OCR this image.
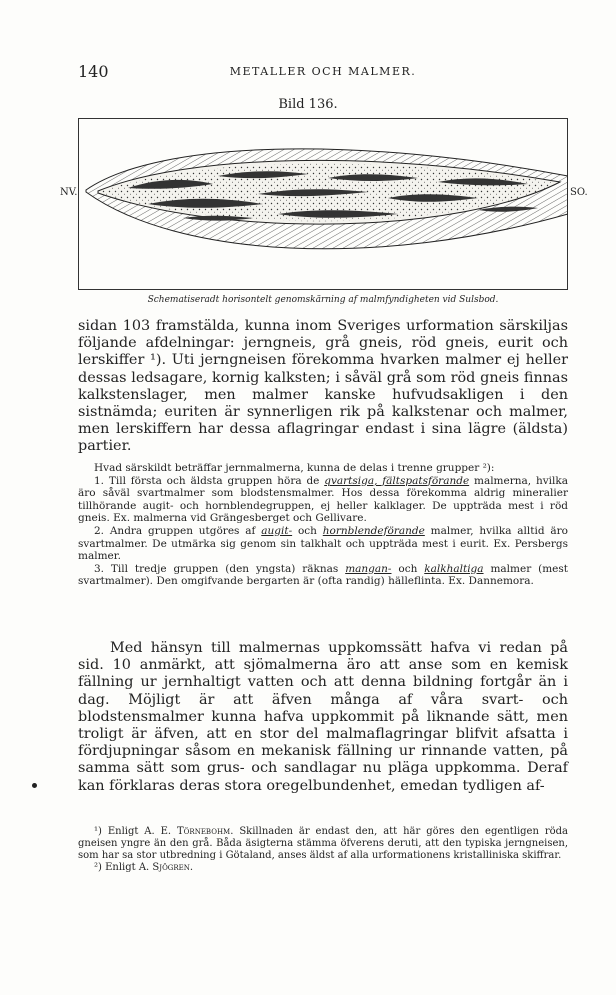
140	METALLER OCH MALMER.
Bild 136.
NV.	SO.
Schematiseradt horisontelt genomskärning af malmfyndigheten vid Sulsbod.

sidan 103 framstälda, kunna inom Sveriges urformation särskiljas följande afdelningar: jerngneis, grå gneis, röd gneis, eurit och lerskiffer ¹). Uti jerngneisen förekomma hvarken malmer ej heller dessas ledsagare, kornig kalksten; i såväl grå som röd gneis finnas kalkstenslager, men malmer kanske hufvudsakligen i den sistnämda; euriten är synnerligen rik på kalkstenar och malmer, men lerskiffern har dessa aflagringar endast i sina lägre (äldsta) partier.

Hvad särskildt beträffar jernmalmerna, kunna de delas i trenne grupper ²):

1. Till första och äldsta gruppen höra de qvartsiga, fältspatsförande malmerna, hvilka äro såväl svartmalmer som blodstensmalmer. Hos dessa förekomma aldrig mineralier tillhörande augit- och hornblendegruppen, ej heller kalklager. De uppträda mest i röd gneis. Ex. malmerna vid Grängesberget och Gellivare.

2. Andra gruppen utgöres af augit- och hornblendeförande malmer, hvilka alltid äro svartmalmer. De utmärka sig genom sin talkhalt och uppträda mest i eurit. Ex. Persbergs malmer.

3. Till tredje gruppen (den yngsta) räknas mangan- och kalkhaltiga malmer (mest svartmalmer). Den omgifvande bergarten är (ofta randig) hälleflinta. Ex. Dannemora.

Med hänsyn till malmernas uppkomssätt hafva vi redan på sid. 10 anmärkt, att sjömalmerna äro att anse som en kemisk fällning ur jernhaltigt vatten och att denna bildning fortgår än i dag. Möjligt är att äfven många af våra svart- och blodstensmalmer kunna hafva uppkommit på liknande sätt, men troligt är äfven, att en stor del malmaflagringar blifvit afsatta i fördjupningar såsom en mekanisk fällning ur rinnande vatten, på samma sätt som grus- och sandlagar nu pläga uppkomma. Deraf kan förklaras deras stora oregelbundenhet, emedan tydligen af-

¹) Enligt A. E. Törnebohm. Skillnaden är endast den, att här göres den egentligen röda gneisen yngre än den grå. Båda äsigterna stämma öfverens deruti, att den typiska jerngneisen, som har sa stor utbredning i Götaland, anses äldst af alla urformationens kristalliniska skiffrar.

²) Enligt A. Sjögren.
